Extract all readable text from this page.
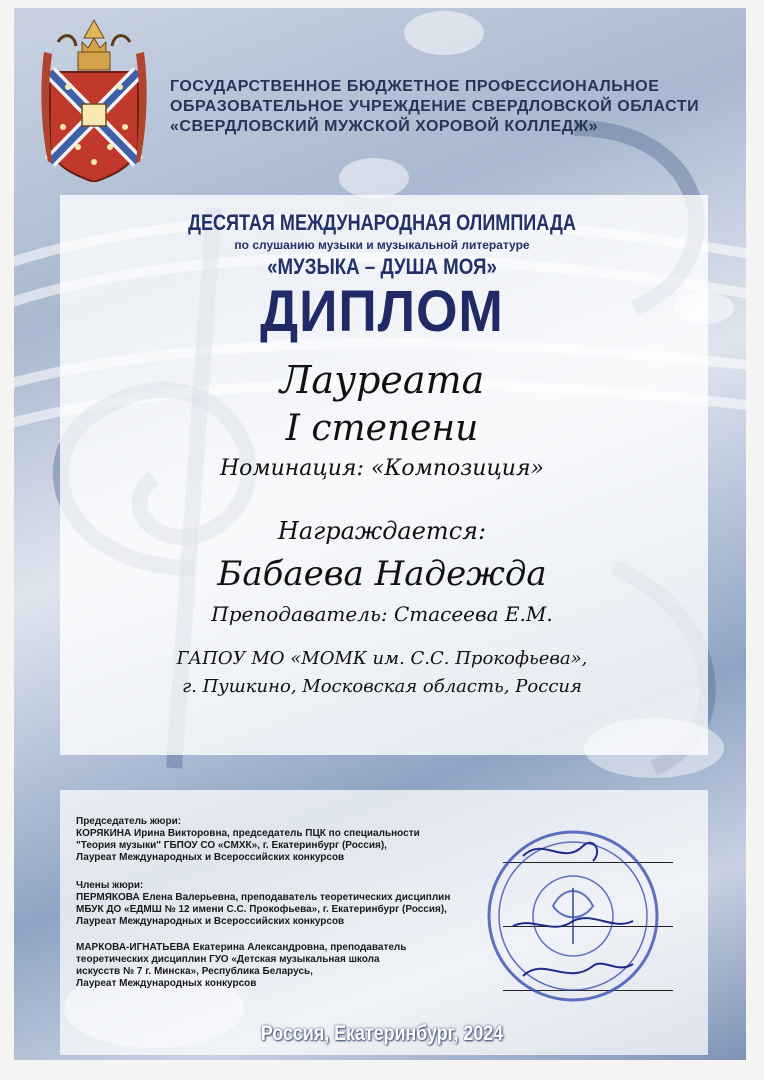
ГОСУДАРСТВЕННОЕ БЮДЖЕТНОЕ ПРОФЕССИОНАЛЬНОЕ
ОБРАЗОВАТЕЛЬНОЕ УЧРЕЖДЕНИЕ СВЕРДЛОВСКОЙ ОБЛАСТИ
«СВЕРДЛОВСКИЙ МУЖСКОЙ ХОРОВОЙ КОЛЛЕДЖ»
ДЕСЯТАЯ МЕЖДУНАРОДНАЯ ОЛИМПИАДА
по слушанию музыки и музыкальной литературе
«МУЗЫКА – ДУША МОЯ»
ДИПЛОМ
Лауреата
I степени
Номинация: «Композиция»
Награждается:
Бабаева Надежда
Преподаватель: Стасеева Е.М.
ГАПОУ МО «МОМК им. С.С. Прокофьева»,
г. Пушкино, Московская область, Россия
Председатель жюри:
КОРЯКИНА Ирина Викторовна, председатель ПЦК по специальности
"Теория музыки" ГБПОУ СО «СМХК», г. Екатеринбург (Россия),
Лауреат Международных и Всероссийских конкурсов
Члены жюри:
ПЕРМЯКОВА Елена Валерьевна, преподаватель теоретических дисциплин
МБУК ДО «ЕДМШ № 12 имени С.С. Прокофьева», г. Екатеринбург (Россия),
Лауреат Международных и Всероссийских конкурсов
МАРКОВА-ИГНАТЬЕВА Екатерина Александровна, преподаватель
теоретических дисциплин ГУО «Детская музыкальная школа
искусств № 7 г. Минска», Республика Беларусь,
Лауреат Международных конкурсов
Россия, Екатеринбург, 2024
